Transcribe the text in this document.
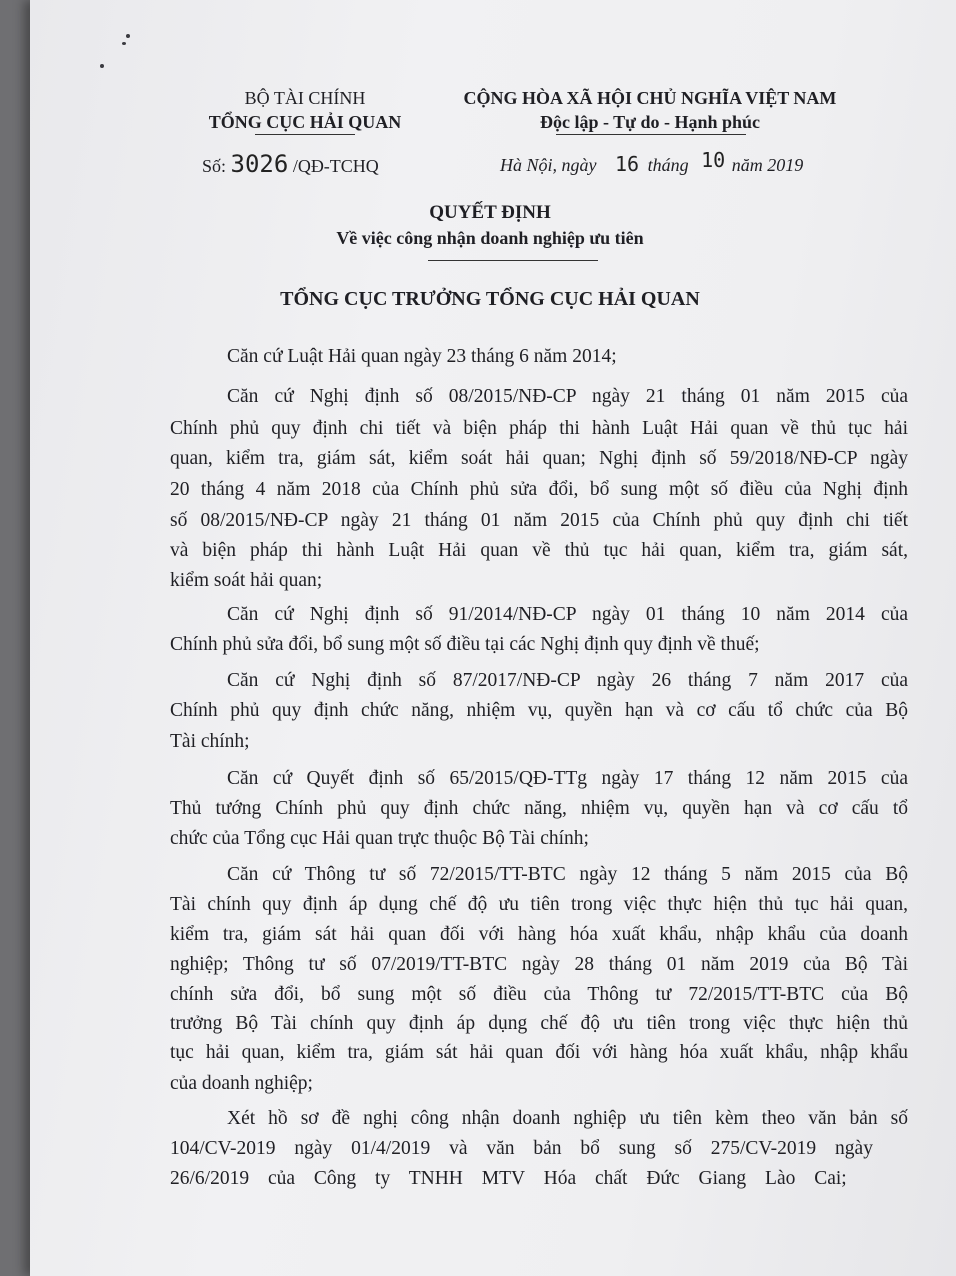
BỘ TÀI CHÍNH
TỔNG CỤC HẢI QUAN
CỘNG HÒA XÃ HỘI CHỦ NGHĨA VIỆT NAM
Độc lập - Tự do - Hạnh phúc
Số: 3026 /QĐ-TCHQ	Hà Nội, ngày 16 tháng 10 năm 2019
QUYẾT ĐỊNH
Về việc công nhận doanh nghiệp ưu tiên
TỔNG CỤC TRƯỞNG TỔNG CỤC HẢI QUAN
Căn cứ Luật Hải quan ngày 23 tháng 6 năm 2014;
Căn cứ Nghị định số 08/2015/NĐ-CP ngày 21 tháng 01 năm 2015 của
Chính phủ quy định chi tiết và biện pháp thi hành Luật Hải quan về thủ tục hải
quan, kiểm tra, giám sát, kiểm soát hải quan; Nghị định số 59/2018/NĐ-CP ngày
20 tháng 4 năm 2018 của Chính phủ sửa đổi, bổ sung một số điều của Nghị định
số 08/2015/NĐ-CP ngày 21 tháng 01 năm 2015 của Chính phủ quy định chi tiết
và biện pháp thi hành Luật Hải quan về thủ tục hải quan, kiểm tra, giám sát,
kiểm soát hải quan;
Căn cứ Nghị định số 91/2014/NĐ-CP ngày 01 tháng 10 năm 2014 của
Chính phủ sửa đổi, bổ sung một số điều tại các Nghị định quy định về thuế;
Căn cứ Nghị định số 87/2017/NĐ-CP ngày 26 tháng 7 năm 2017 của
Chính phủ quy định chức năng, nhiệm vụ, quyền hạn và cơ cấu tổ chức của Bộ
Tài chính;
Căn cứ Quyết định số 65/2015/QĐ-TTg ngày 17 tháng 12 năm 2015 của
Thủ tướng Chính phủ quy định chức năng, nhiệm vụ, quyền hạn và cơ cấu tổ
chức của Tổng cục Hải quan trực thuộc Bộ Tài chính;
Căn cứ Thông tư số 72/2015/TT-BTC ngày 12 tháng 5 năm 2015 của Bộ
Tài chính quy định áp dụng chế độ ưu tiên trong việc thực hiện thủ tục hải quan,
kiểm tra, giám sát hải quan đối với hàng hóa xuất khẩu, nhập khẩu của doanh
nghiệp; Thông tư số 07/2019/TT-BTC ngày 28 tháng 01 năm 2019 của Bộ Tài
chính sửa đổi, bổ sung một số điều của Thông tư 72/2015/TT-BTC của Bộ
trưởng Bộ Tài chính quy định áp dụng chế độ ưu tiên trong việc thực hiện thủ
tục hải quan, kiểm tra, giám sát hải quan đối với hàng hóa xuất khẩu, nhập khẩu
của doanh nghiệp;
Xét hồ sơ đề nghị công nhận doanh nghiệp ưu tiên kèm theo văn bản số
104/CV-2019 ngày 01/4/2019 và văn bản bổ sung số 275/CV-2019 ngày
26/6/2019 của Công ty TNHH MTV Hóa chất Đức Giang Lào Cai;
